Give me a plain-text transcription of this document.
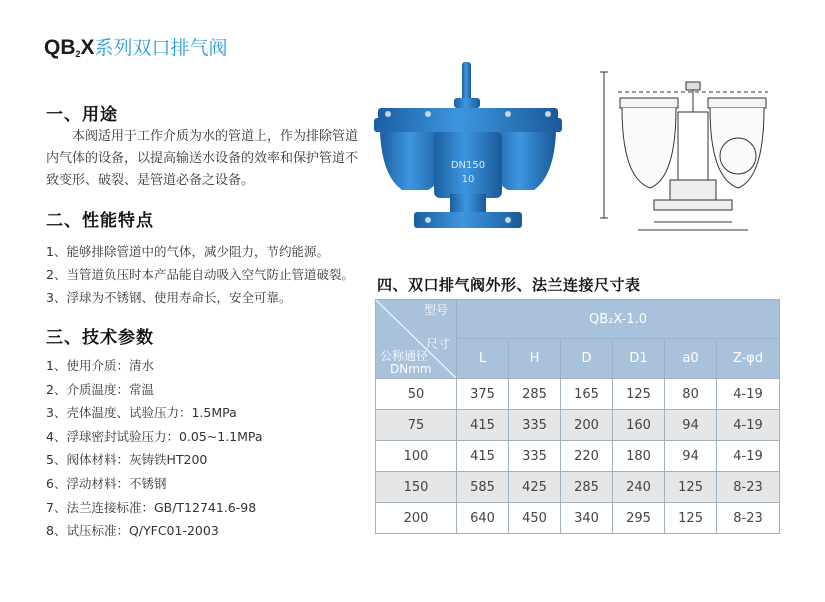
$QB_2X$系列双口排气阀
一、用途

本阀适用于工作介质为水的管道上，作为排除管道内气体的设备，以提高输送水设备的效率和保护管道不致变形、破裂、是管道必备之设备。

二、性能特点
1、能够排除管道中的气体，减少阻力，节约能源。
2、当管道负压时本产品能自动吸入空气防止管道破裂。
3、浮球为不锈钢、使用寿命长，安全可靠。
三、技术参数
1、使用介质：清水
2、介质温度：常温
3、壳体温度、试验压力：1.5MPa
4、浮球密封试验压力：0.05~1.1MPa
5、阀体材料：灰铸铁HT200
6、浮动材料：不锈钢
7、法兰连接标准：GB/T12741.6-98
8、试压标准：Q/YFC01-2003
DN150
10
四、双口排气阀外形、法兰连接尺寸表
型号
尺寸
公称通径
DNmm	QB₂X-1.0					
	L	H	D	D1	a0	Z-φd
50	375	285	165	125	80	4-19
75	415	335	200	160	94	4-19
100	415	335	220	180	94	4-19
150	585	425	285	240	125	8-23
200	640	450	340	295	125	8-23
